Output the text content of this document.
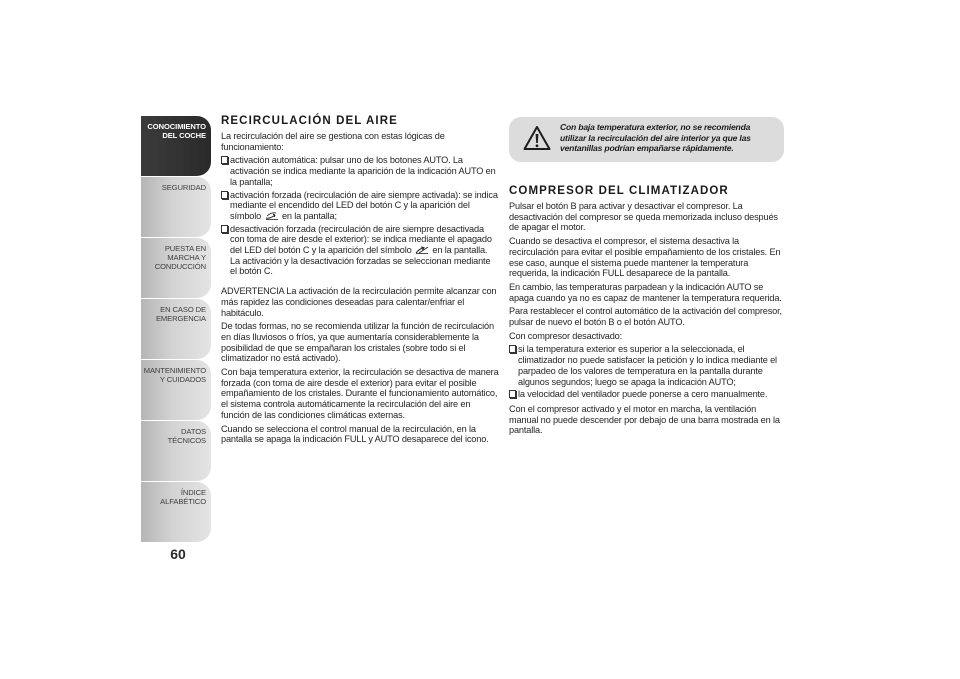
CONOCIMIENTO DEL COCHE
SEGURIDAD
PUESTA EN MARCHA Y CONDUCCIÓN
EN CASO DE EMERGENCIA
MANTENIMIENTO Y CUIDADOS
DATOS TÉCNICOS
ÍNDICE ALFABÉTICO
60
RECIRCULACIÓN DEL AIRE

La recirculación del aire se gestiona con estas lógicas de funcionamiento:

activación automática: pulsar uno de los botones AUTO. La activación se indica mediante la aparición de la indicación AUTO en la pantalla;
activación forzada (recirculación de aire siempre activada): se indica mediante el encendido del LED del botón C y la aparición del símbolo en la pantalla;
desactivación forzada (recirculación de aire siempre desactivada con toma de aire desde el exterior): se indica mediante el apagado del LED del botón C y la aparición del símbolo en la pantalla. La activación y la desactivación forzadas se seleccionan mediante el botón C.

ADVERTENCIA La activación de la recirculación permite alcanzar con más rapidez las condiciones deseadas para calentar/enfriar el habitáculo.

De todas formas, no se recomienda utilizar la función de recirculación en días lluviosos o fríos, ya que aumentaría considerablemente la posibilidad de que se empañaran los cristales (sobre todo si el climatizador no está activado).

Con baja temperatura exterior, la recirculación se desactiva de manera forzada (con toma de aire desde el exterior) para evitar el posible empañamiento de los cristales. Durante el funcionamiento automático, el sistema controla automáticamente la recirculación del aire en función de las condiciones climáticas externas.

Cuando se selecciona el control manual de la recirculación, en la pantalla se apaga la indicación FULL y AUTO desaparece del icono.

Con baja temperatura exterior, no se recomienda utilizar la recirculación del aire interior ya que las ventanillas podrían empañarse rápidamente.
COMPRESOR DEL CLIMATIZADOR

Pulsar el botón B para activar y desactivar el compresor. La desactivación del compresor se queda memorizada incluso después de apagar el motor.

Cuando se desactiva el compresor, el sistema desactiva la recirculación para evitar el posible empañamiento de los cristales. En ese caso, aunque el sistema puede mantener la temperatura requerida, la indicación FULL desaparece de la pantalla.

En cambio, las temperaturas parpadean y la indicación AUTO se apaga cuando ya no es capaz de mantener la temperatura requerida.

Para restablecer el control automático de la activación del compresor, pulsar de nuevo el botón B o el botón AUTO.

Con compresor desactivado:

si la temperatura exterior es superior a la seleccionada, el climatizador no puede satisfacer la petición y lo indica mediante el parpadeo de los valores de temperatura en la pantalla durante algunos segundos; luego se apaga la indicación AUTO;
la velocidad del ventilador puede ponerse a cero manualmente.

Con el compresor activado y el motor en marcha, la ventilación manual no puede descender por debajo de una barra mostrada en la pantalla.
